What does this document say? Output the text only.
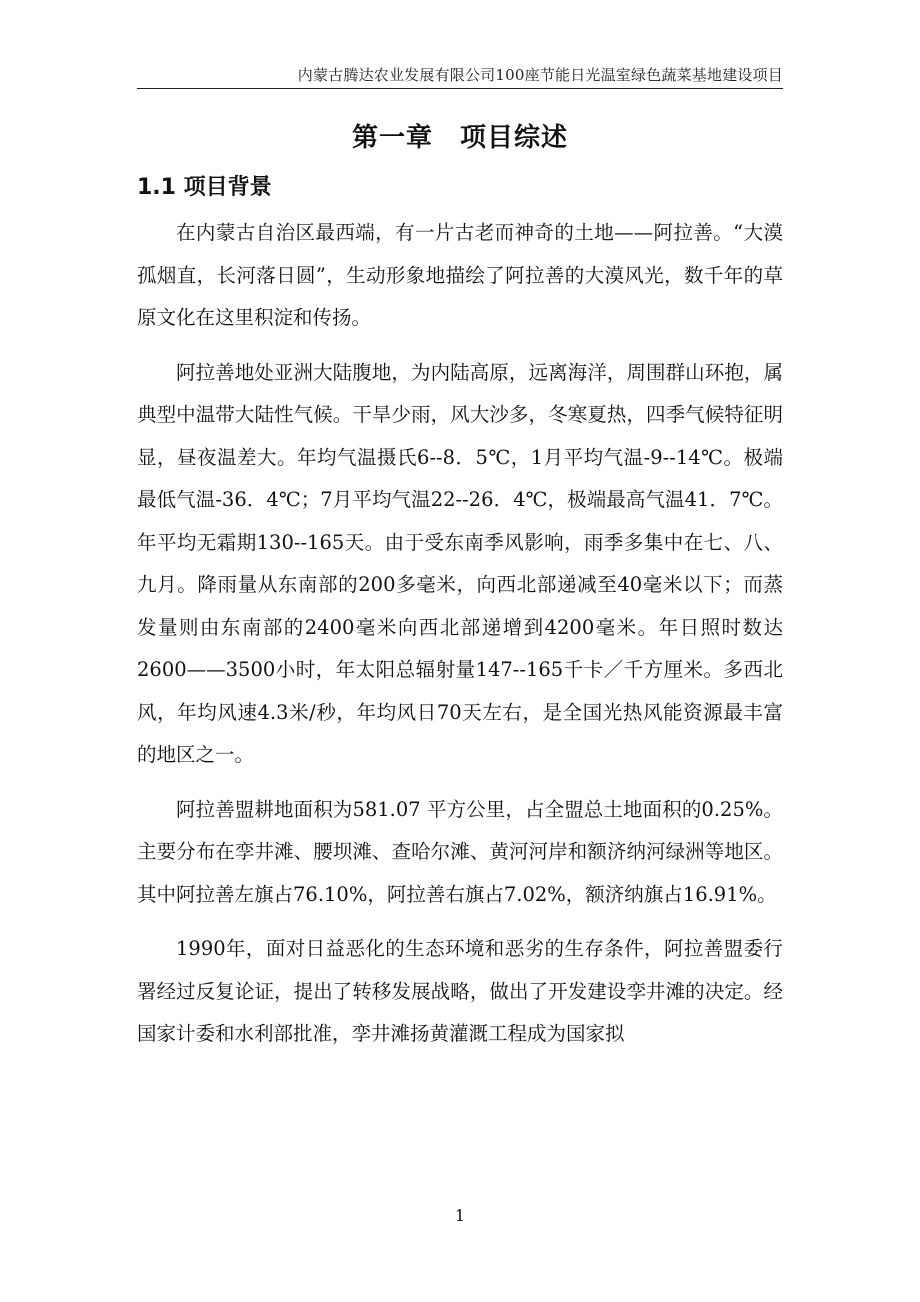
内蒙古腾达农业发展有限公司100座节能日光温室绿色蔬菜基地建设项目
第一章　项目综述
1.1 项目背景

在内蒙古自治区最西端，有一片古老而神奇的土地——阿拉善。“大漠孤烟直，长河落日圆”，生动形象地描绘了阿拉善的大漠风光，数千年的草原文化在这里积淀和传扬。

阿拉善地处亚洲大陆腹地，为内陆高原，远离海洋，周围群山环抱，属典型中温带大陆性气候。干旱少雨，风大沙多，冬寒夏热，四季气候特征明显，昼夜温差大。年均气温摄氏6--8．5℃，1月平均气温-9--14℃。极端最低气温-36．4℃；7月平均气温22--26．4℃，极端最高气温41．7℃。年平均无霜期130--165天。由于受东南季风影响，雨季多集中在七、八、九月。降雨量从东南部的200多毫米，向西北部递减至40毫米以下；而蒸发量则由东南部的2400毫米向西北部递增到4200毫米。年日照时数达2600——3500小时，年太阳总辐射量147--165千卡／千方厘米。多西北风，年均风速4.3米/秒，年均风日70天左右，是全国光热风能资源最丰富的地区之一。

阿拉善盟耕地面积为581.07 平方公里，占全盟总土地面积的0.25%。主要分布在孪井滩、腰坝滩、查哈尔滩、黄河河岸和额济纳河绿洲等地区。其中阿拉善左旗占76.10%，阿拉善右旗占7.02%，额济纳旗占16.91%。

1990年，面对日益恶化的生态环境和恶劣的生存条件，阿拉善盟委行署经过反复论证，提出了转移发展战略，做出了开发建设孪井滩的决定。经国家计委和水利部批准，孪井滩扬黄灌溉工程成为国家拟

1
